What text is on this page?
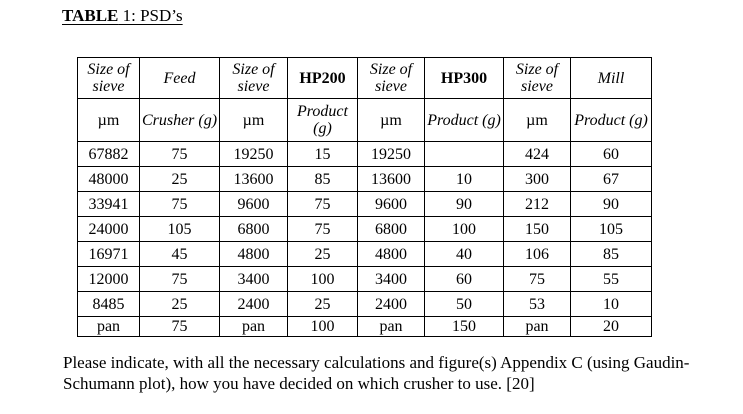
TABLE 1: PSD’s
Size of sieve	Feed	Size of sieve	HP200	Size of sieve	HP300	Size of sieve	Mill
µm	Crusher (g)	µm	Product (g)	µm	Product (g)	µm	Product (g)
67882	75	19250	15	19250		424	60
48000	25	13600	85	13600	10	300	67
33941	75	9600	75	9600	90	212	90
24000	105	6800	75	6800	100	150	105
16971	45	4800	25	4800	40	106	85
12000	75	3400	100	3400	60	75	55
8485	25	2400	25	2400	50	53	10
pan	75	pan	100	pan	150	pan	20
Please indicate, with all the necessary calculations and figure(s) Appendix C (using Gaudin-Schumann plot), how you have decided on which crusher to use. [20]
